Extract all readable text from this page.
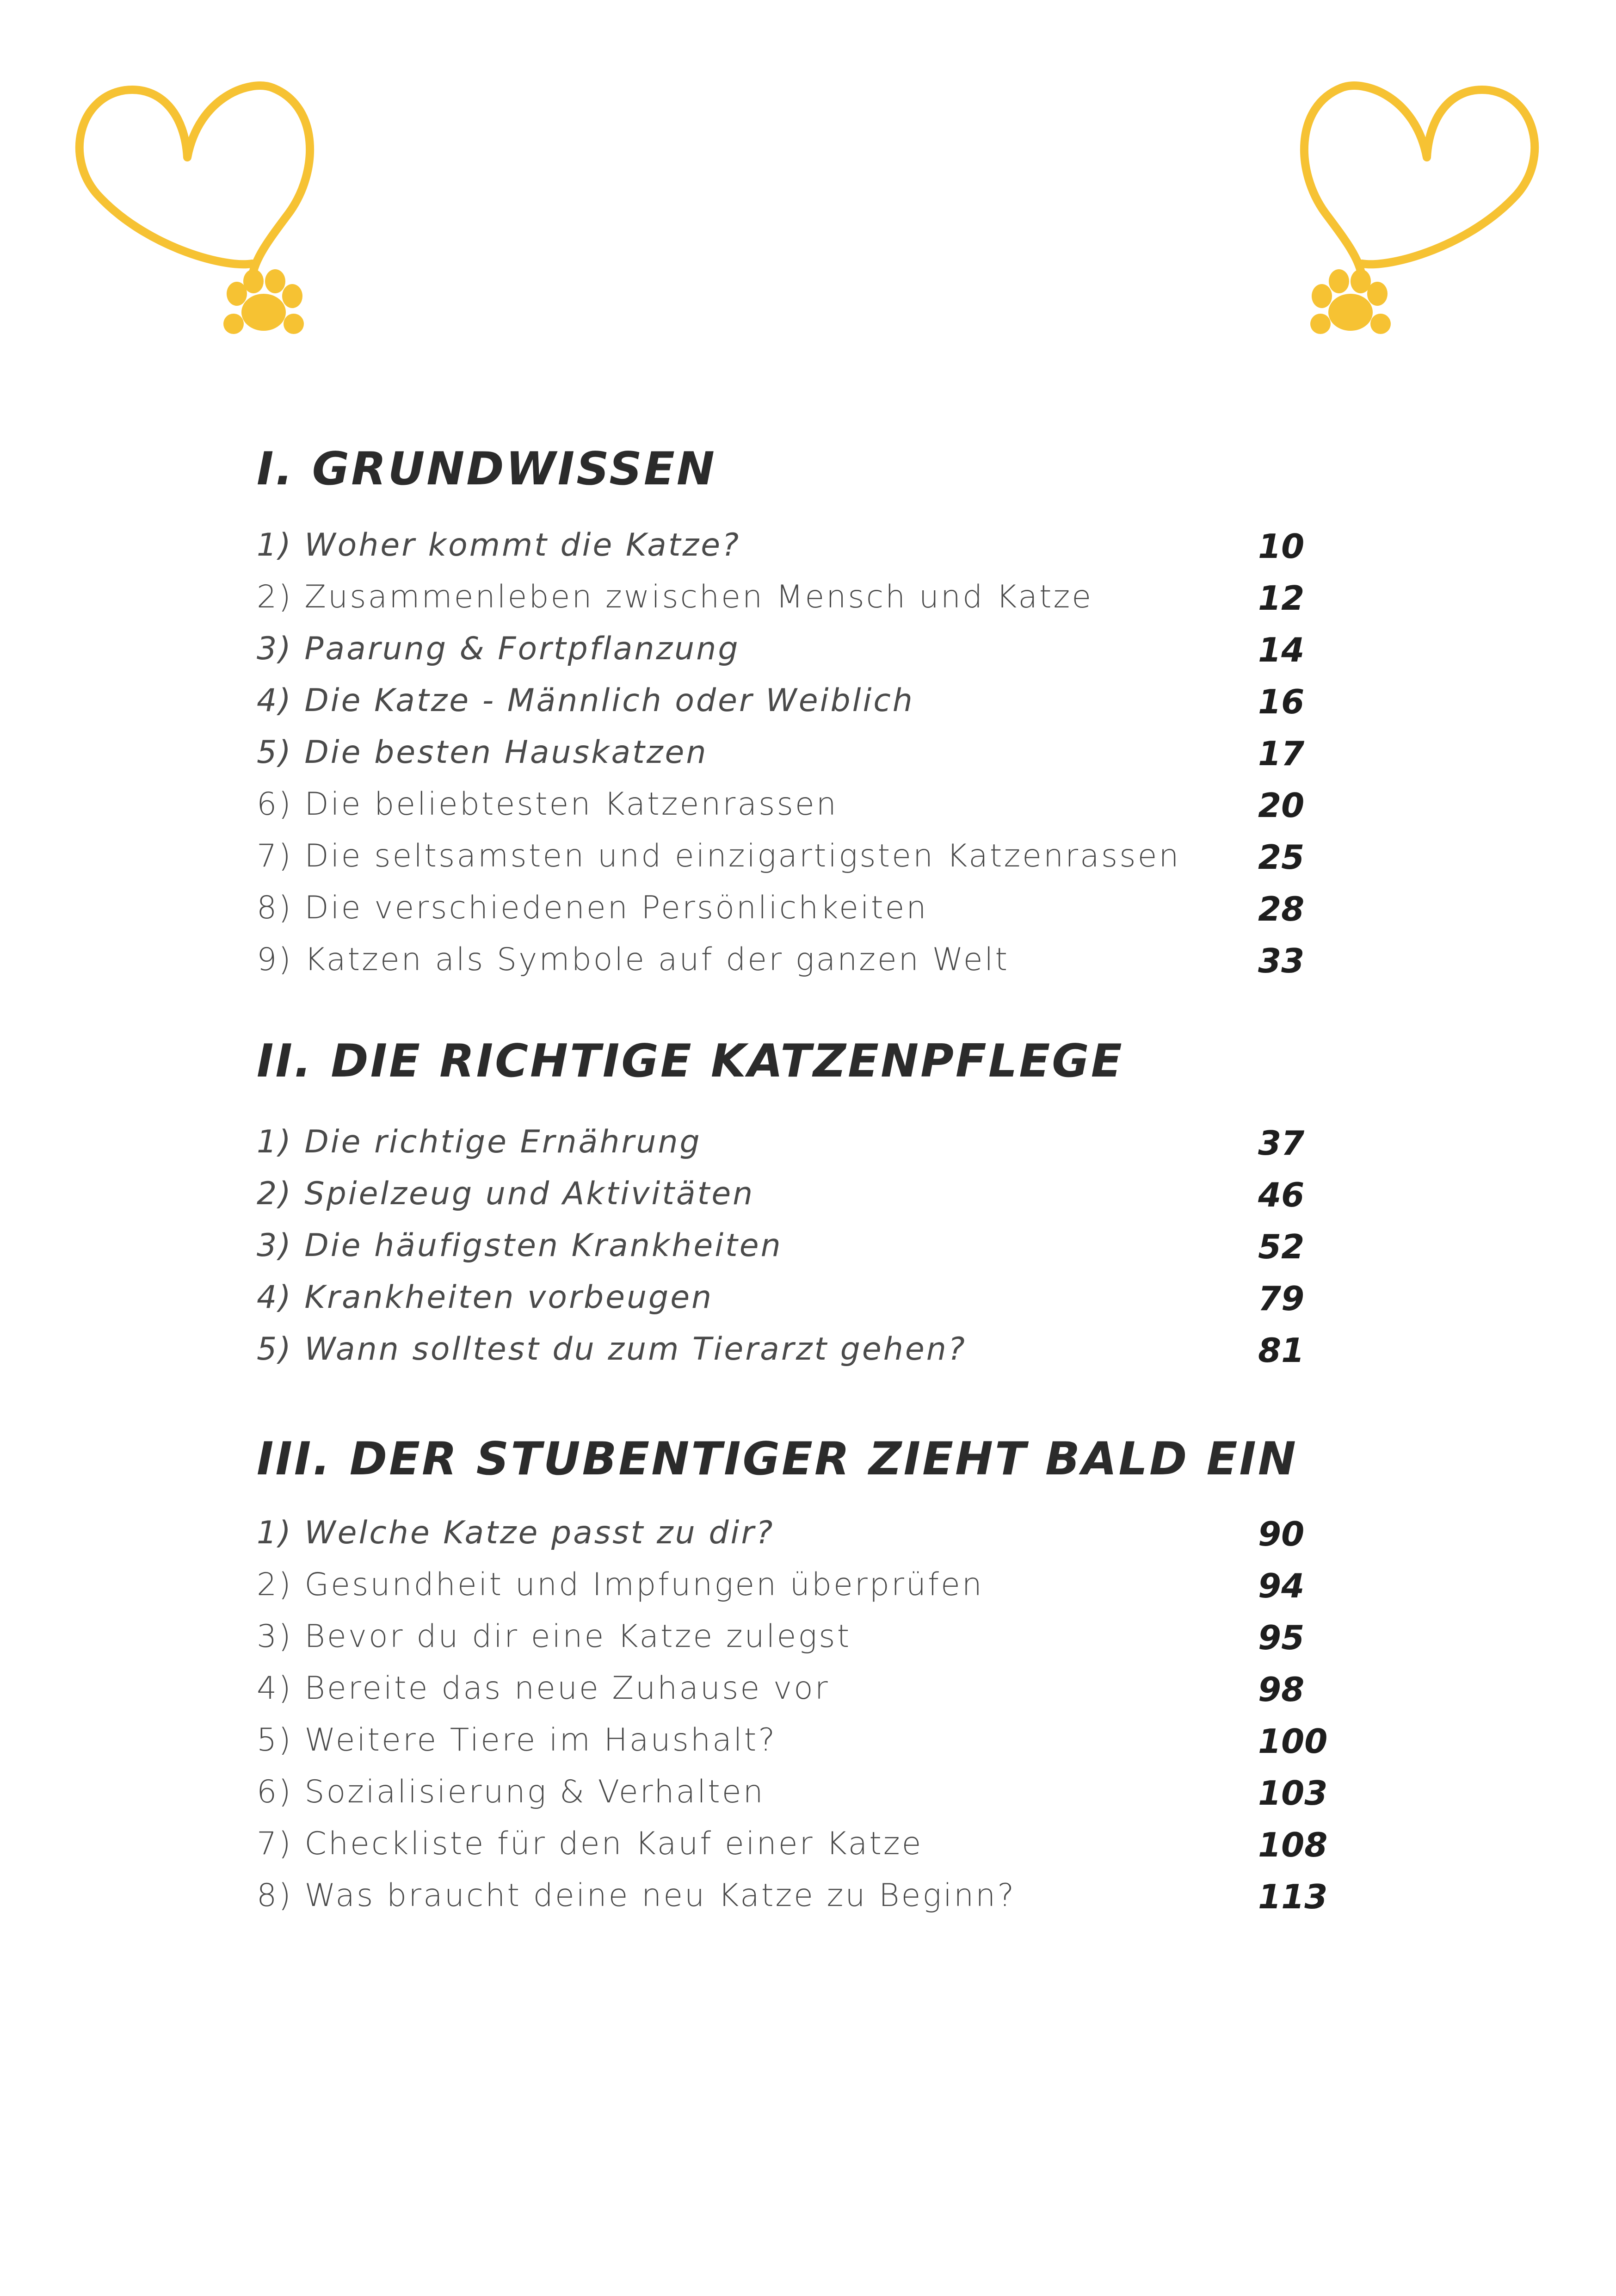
I. GRUNDWISSEN
1) Woher kommt die Katze?	10
2) Zusammenleben zwischen Mensch und Katze	12
3) Paarung & Fortpflanzung	14
4) Die Katze - Männlich oder Weiblich	16
5) Die besten Hauskatzen	17
6) Die beliebtesten Katzenrassen	20
7) Die seltsamsten und einzigartigsten Katzenrassen 25
8) Die verschiedenen Persönlichkeiten	28
9) Katzen als Symbole auf der ganzen Welt	33
II. DIE RICHTIGE KATZENPFLEGE
1) Die richtige Ernährung	37
2) Spielzeug und Aktivitäten	46
3) Die häufigsten Krankheiten	52
4) Krankheiten vorbeugen	79
5) Wann solltest du zum Tierarzt gehen?	81
III. DER STUBENTIGER ZIEHT BALD EIN
1) Welche Katze passt zu dir?	90
2) Gesundheit und Impfungen überprüfen	94
3) Bevor du dir eine Katze zulegst	95
4) Bereite das neue Zuhause vor	98
5) Weitere Tiere im Haushalt?	100
6) Sozialisierung & Verhalten	103
7) Checkliste für den Kauf einer Katze	108
8) Was braucht deine neu Katze zu Beginn?	113
